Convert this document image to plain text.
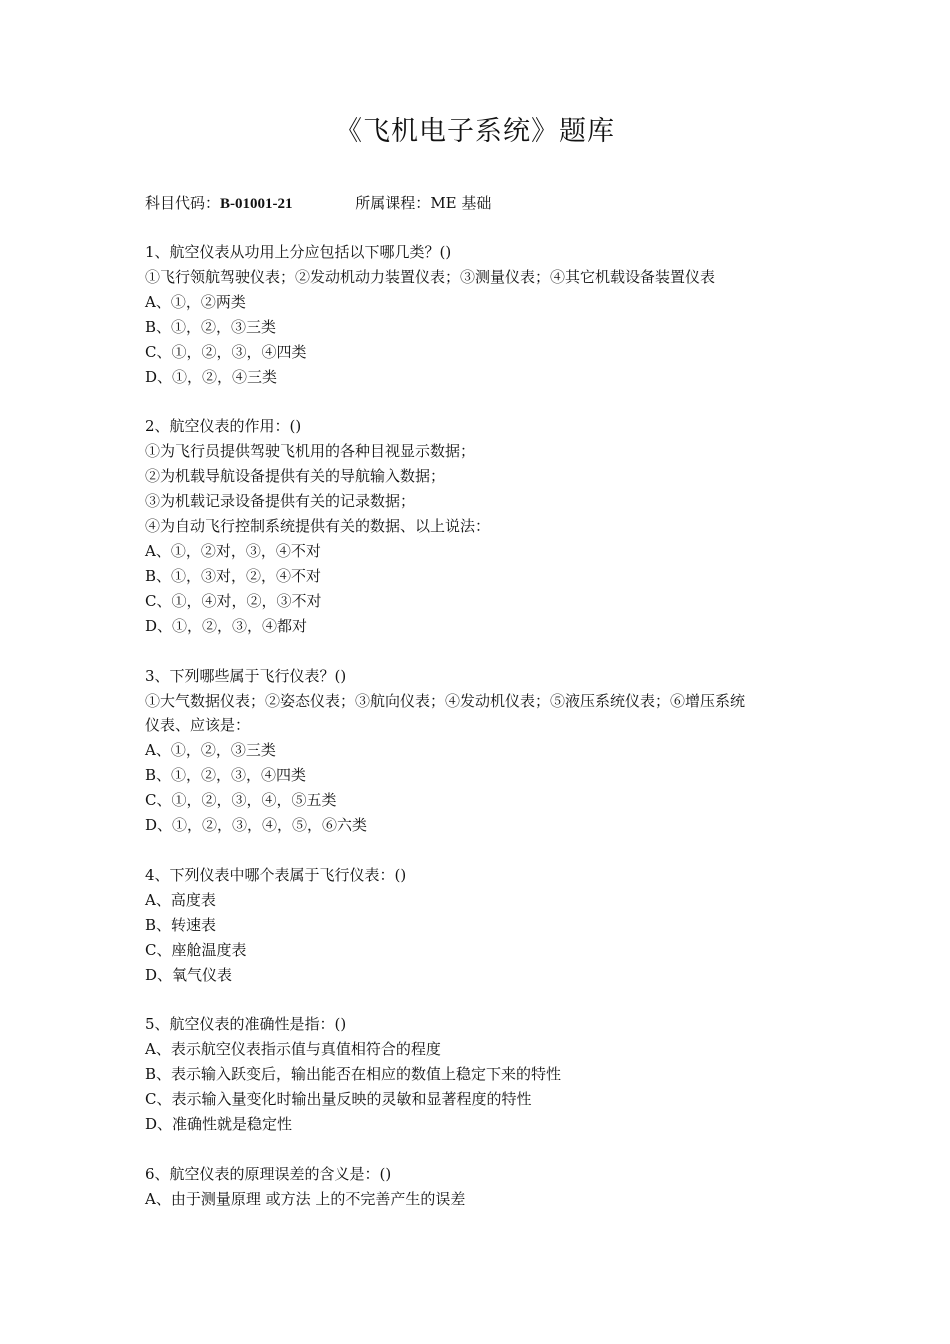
《飞机电子系统》题库
科目代码：B-01001-21	所属课程：ME 基础
1、航空仪表从功用上分应包括以下哪几类？()
①飞行领航驾驶仪表；②发动机动力装置仪表；③测量仪表；④其它机载设备装置仪表
A、①，②两类
B、①，②，③三类
C、①，②，③，④四类
D、①，②，④三类
2、航空仪表的作用：()
①为飞行员提供驾驶飞机用的各种目视显示数据；
②为机载导航设备提供有关的导航输入数据；
③为机载记录设备提供有关的记录数据；
④为自动飞行控制系统提供有关的数据、以上说法：
A、①，②对，③，④不对
B、①，③对，②，④不对
C、①，④对，②，③不对
D、①，②，③，④都对
3、下列哪些属于飞行仪表？()
①大气数据仪表；②姿态仪表；③航向仪表；④发动机仪表；⑤液压系统仪表；⑥增压系统
仪表、应该是：
A、①，②，③三类
B、①，②，③，④四类
C、①，②，③，④，⑤五类
D、①，②，③，④，⑤，⑥六类
4、下列仪表中哪个表属于飞行仪表：()
A、高度表
B、转速表
C、座舱温度表
D、氧气仪表
5、航空仪表的准确性是指：()
A、表示航空仪表指示值与真值相符合的程度
B、表示输入跃变后，输出能否在相应的数值上稳定下来的特性
C、表示输入量变化时输出量反映的灵敏和显著程度的特性
D、准确性就是稳定性
6、航空仪表的原理误差的含义是：()
A、由于测量原理 或方法 上的不完善产生的误差
